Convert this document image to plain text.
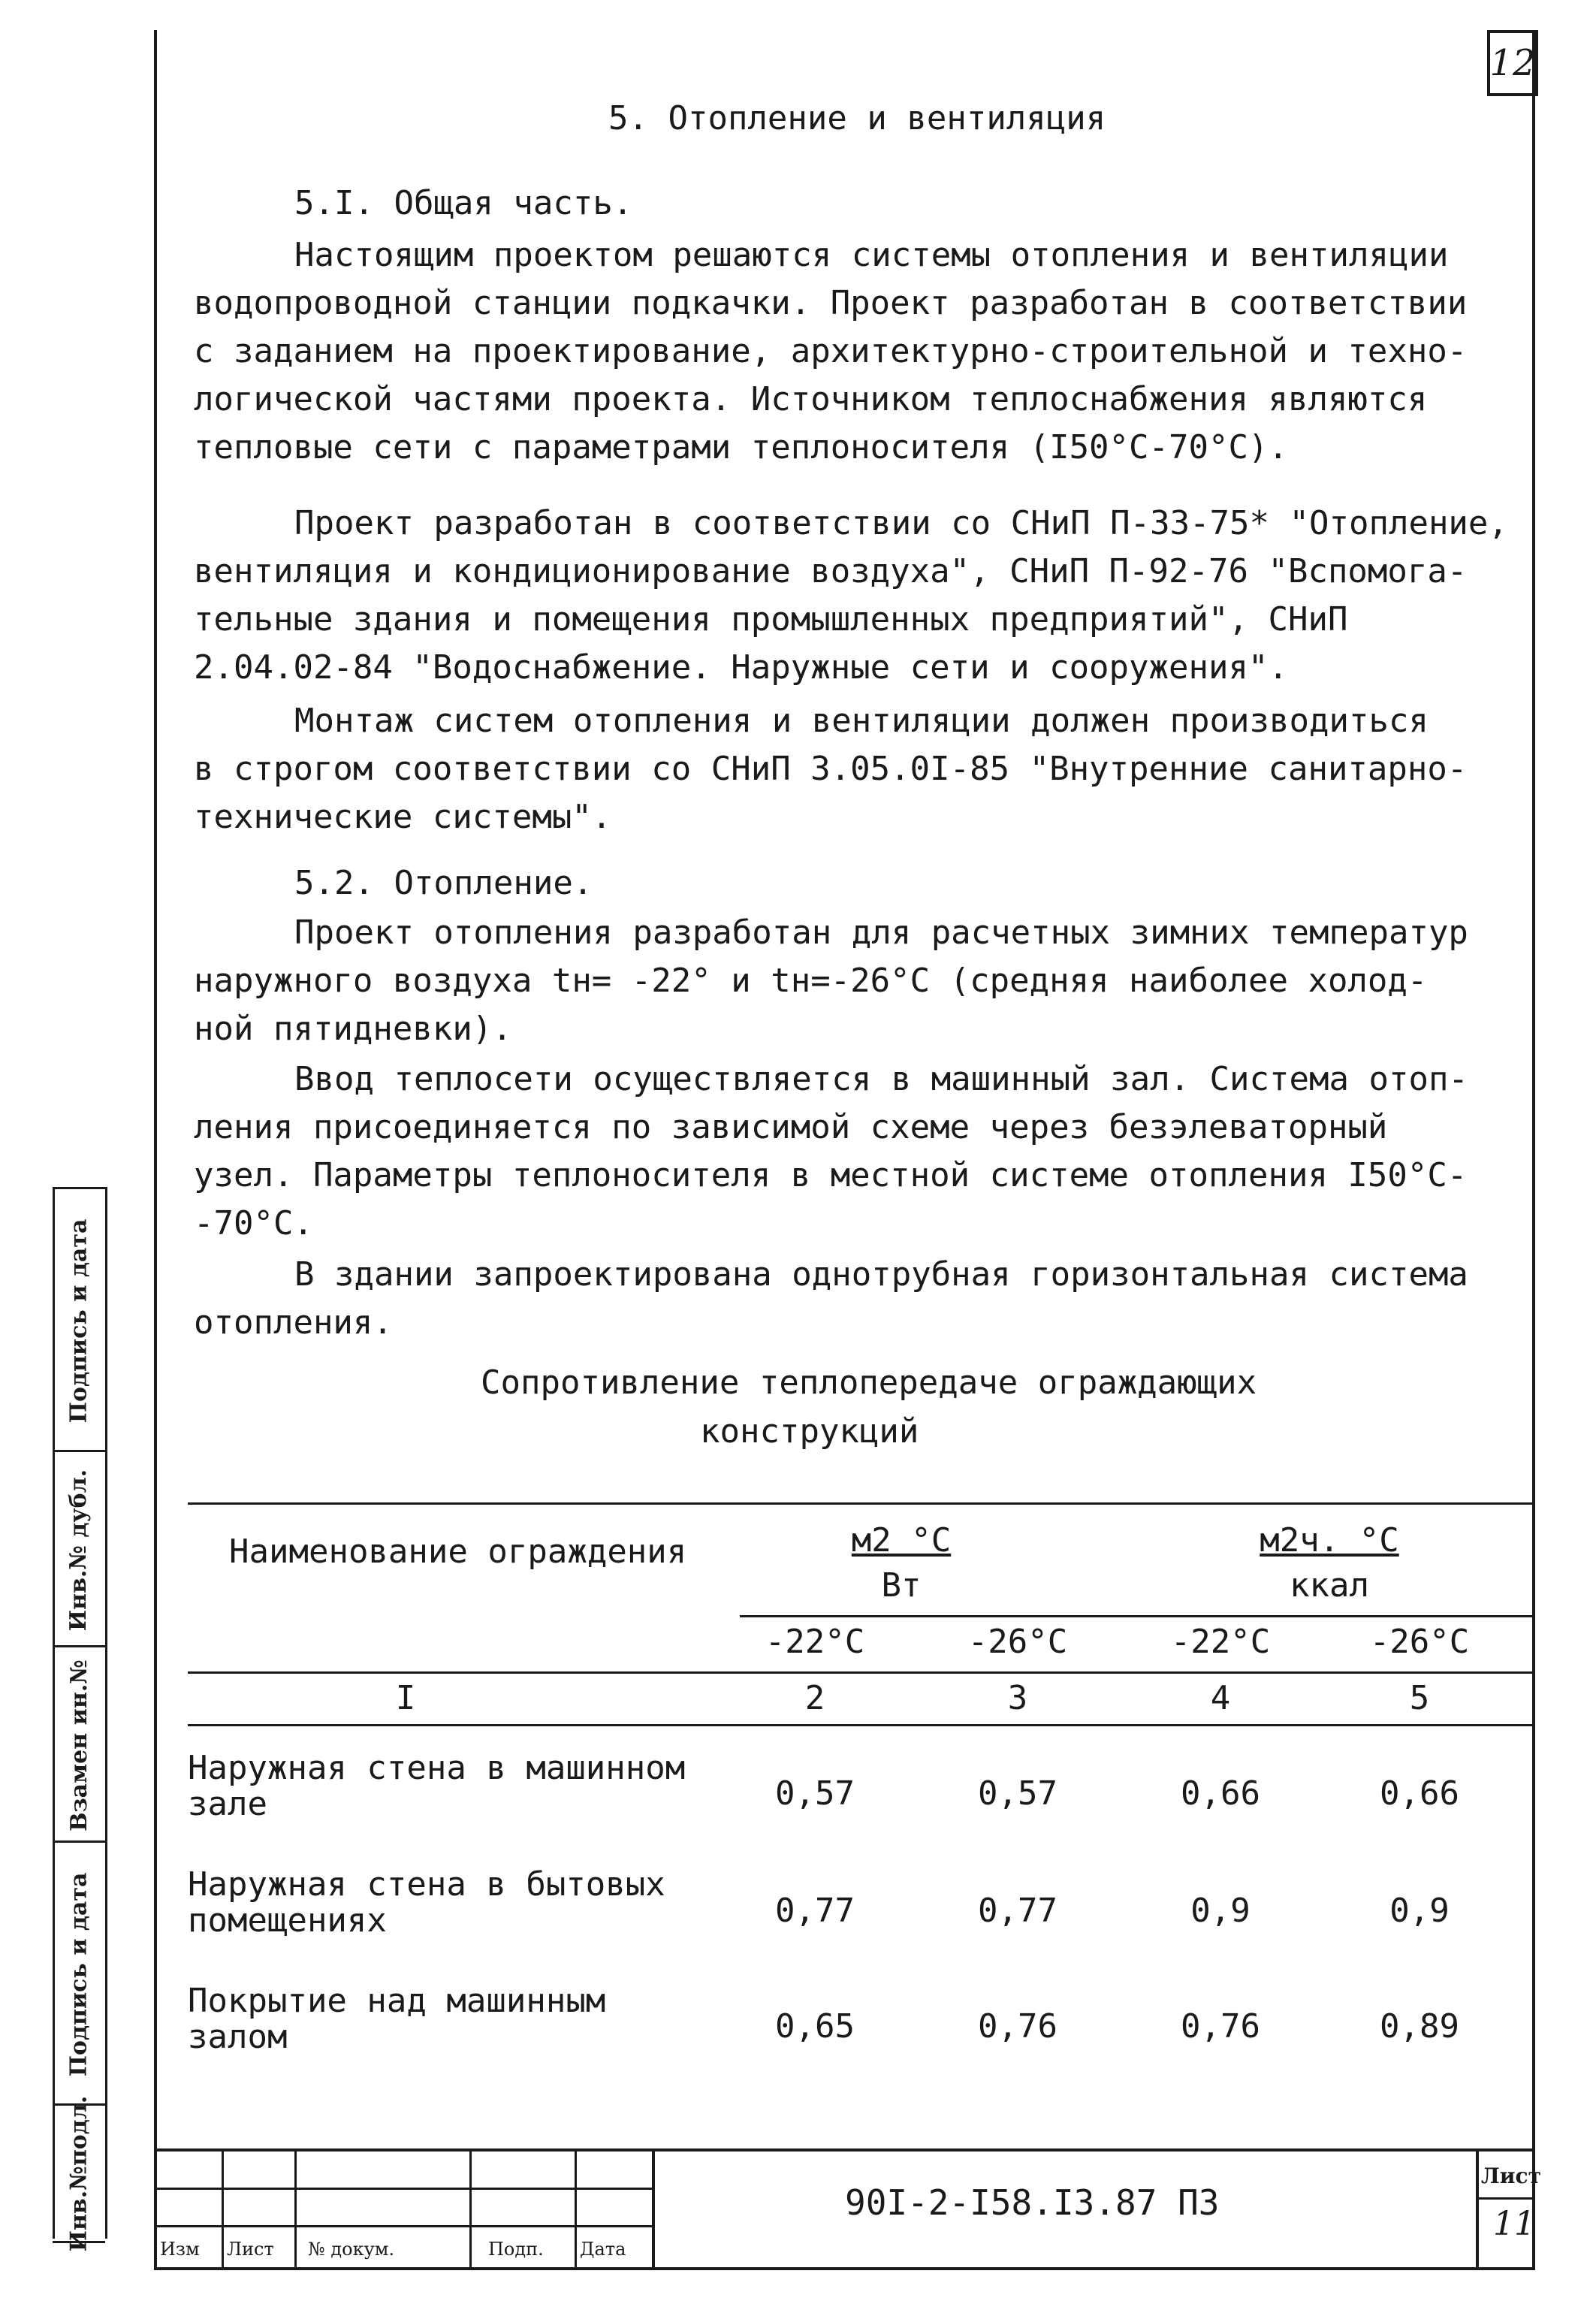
12
5. Отопление и вентиляция
5.I. Общая часть.
Настоящим проектом решаются системы отопления и вентиляции
водопроводной станции подкачки. Проект разработан в соответствии
с заданием на проектирование, архитектурно-строительной и техно-
логической частями проекта. Источником теплоснабжения являются
тепловые сети с параметрами теплоносителя (I50°С-70°С).
Проект разработан в соответствии со СНиП П-33-75* "Отопление,
вентиляция и кондиционирование воздуха", СНиП П-92-76 "Вспомога-
тельные здания и помещения промышленных предприятий", СНиП
2.04.02-84 "Водоснабжение. Наружные сети и сооружения".
Монтаж систем отопления и вентиляции должен производиться
в строгом соответствии со СНиП 3.05.0I-85 "Внутренние санитарно-
технические системы".
5.2. Отопление.
Проект отопления разработан для расчетных зимних температур
наружного воздуха tн= -22° и tн=-26°С (средняя наиболее холод-
ной пятидневки).
Ввод теплосети осуществляется в машинный зал. Система отоп-
ления присоединяется по зависимой схеме через безэлеваторный
узел. Параметры теплоносителя в местной системе отопления I50°С-
-70°С.
В здании запроектирована однотрубная горизонтальная система
отопления.
Сопротивление теплопередаче ограждающих
конструкций
Наименование ограждения	м2 °С
Вт
м2ч. °С
ккал
-22°С	-26°С	-22°С	-26°С
I	2	3	4	5
Наружная стена в машинном
зале	0,57	0,57	0,66	0,66
Наружная стена в бытовых
помещениях	0,77	0,77	0,9	0,9
Покрытие над машинным
залом	0,65	0,76	0,76	0,89
Подпись и дата
Инв.№ дубл.
Взамен ин.№
Подпись и дата
Инв.№подл.	Изм Лист № докум.	Подп. Дата
90I-2-I58.I3.87 ПЗ
Лист
11
